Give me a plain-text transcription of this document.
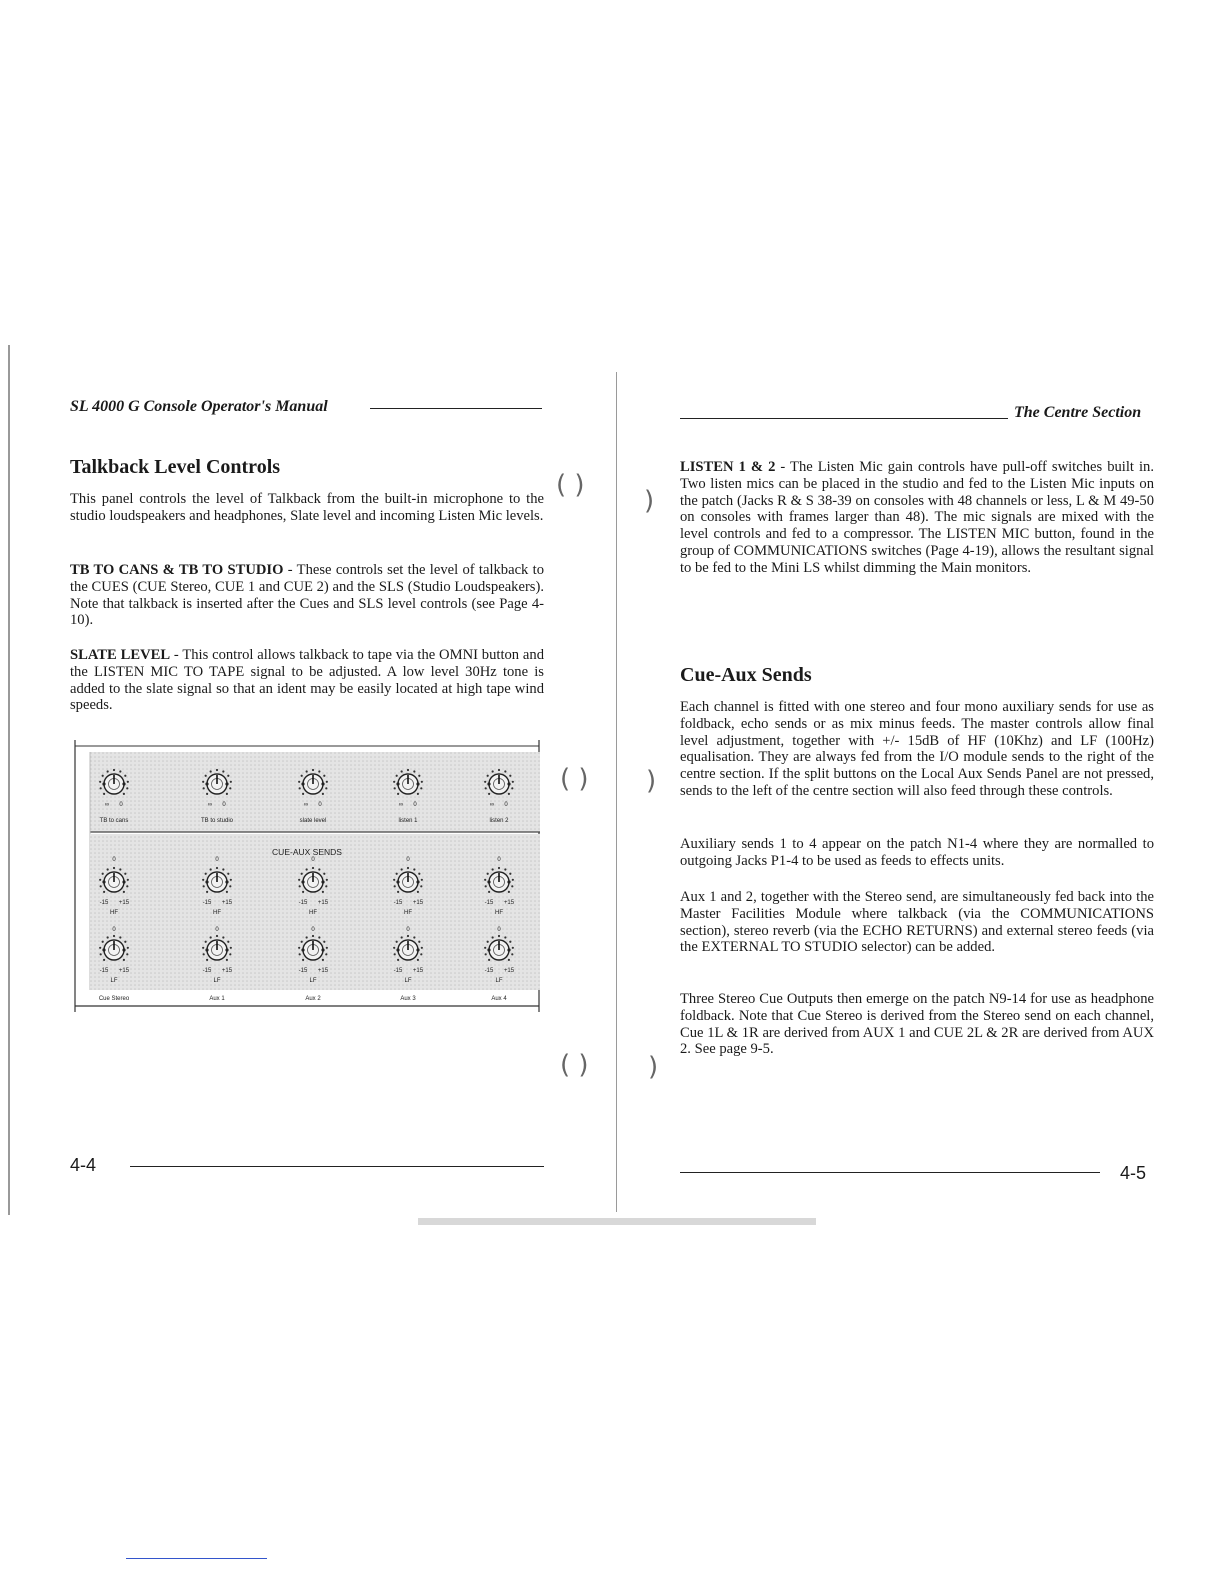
SL 4000 G Console Operator's Manual
Talkback Level Controls

This panel controls the level of Talkback from the built-in microphone to the studio loudspeakers and headphones, Slate level and incoming Listen Mic levels.

TB TO CANS & TB TO STUDIO - These controls set the level of talkback to the CUES (CUE Stereo, CUE 1 and CUE 2) and the SLS (Studio Loudspeakers). Note that talkback is inserted after the Cues and SLS level controls (see Page 4-10).

SLATE LEVEL - This control allows talkback to tape via the OMNI button and the LISTEN MIC TO TAPE signal to be adjusted. A low level 30Hz tone is added to the slate signal so that an ident may be easily located at high tape wind speeds.

∞ 0
TB to cans
∞ 0
TB to studio
∞ 0
slate level
∞ 0
listen 1
∞ 0
listen 2
CUE-AUX SENDS
0
-15 +15
HF
0
-15 +15
HF
0
-15 +15
HF
0
-15 +15
HF
0
-15 +15
HF
0
-15 +15
LF
0
-15 +15
LF
0
-15 +15
LF
0
-15 +15
LF
0
-15 +15
LF
4-4
( )
( )
( )
)
)
)
The Centre Section

LISTEN 1 & 2 - The Listen Mic gain controls have pull-off switches built in. Two listen mics can be placed in the studio and fed to the Listen Mic inputs on the patch (Jacks R & S 38-39 on consoles with 48 channels or less, L & M 49-50 on consoles with frames larger than 48). The mic signals are mixed with the level controls and fed to a compressor. The LISTEN MIC button, found in the group of COMMUNICATIONS switches (Page 4-19), allows the resultant signal to be fed to the Mini LS whilst dimming the Main monitors.

Cue-Aux Sends

Each channel is fitted with one stereo and four mono auxiliary sends for use as foldback, echo sends or as mix minus feeds. The master controls allow final level adjustment, together with +/- 15dB of HF (10Khz) and LF (100Hz) equalisation. They are always fed from the I/O module sends to the right of the centre section. If the split buttons on the Local Aux Sends Panel are not pressed, sends to the left of the centre section will also feed through these controls.

Auxiliary sends 1 to 4 appear on the patch N1-4 where they are normalled to outgoing Jacks P1-4 to be used as feeds to effects units.

Aux 1 and 2, together with the Stereo send, are simultaneously fed back into the Master Facilities Module where talkback (via the COMMUNICATIONS section), stereo reverb (via the ECHO RETURNS) and external stereo feeds (via the EXTERNAL TO STUDIO selector) can be added.

Three Stereo Cue Outputs then emerge on the patch N9-14 for use as headphone foldback. Note that Cue Stereo is derived from the Stereo send on each channel, Cue 1L & 1R are derived from AUX 1 and CUE 2L & 2R are derived from AUX 2. See page 9-5.

4-5
Cue Stereo	Aux 1	Aux 2	Aux 3	Aux 4
